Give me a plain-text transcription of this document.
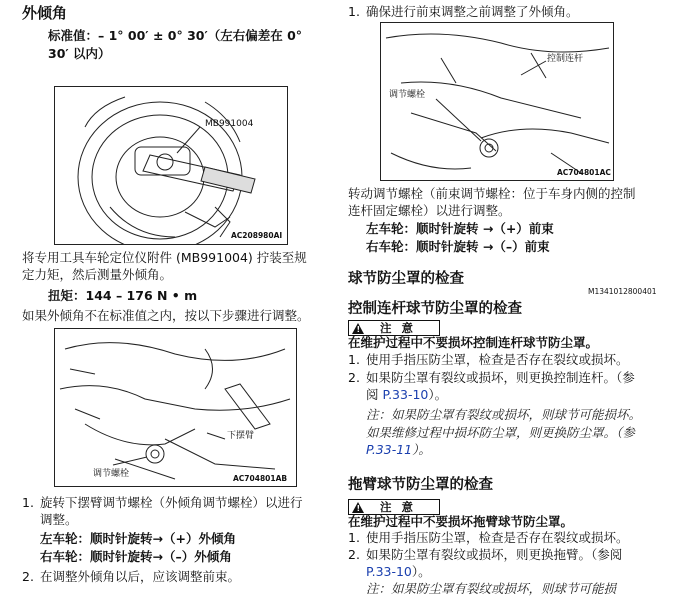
外倾角
标准值：– 1° 00′ ± 0° 30′（左右偏差在 0°
30′ 以内）
MB991004
AC208980AI
将专用工具车轮定位仪附件 (MB991004) 拧装至规
定力矩，然后测量外倾角。
扭矩：144 – 176 N • m
如果外倾角不在标准值之内，按以下步骤进行调整。
下摆臂
调节螺栓	AC704801AB
1. 旋转下摆臂调节螺栓（外倾角调节螺栓）以进行
调整。
左车轮：顺时针旋转→（+）外倾角
右车轮：顺时针旋转→（–）外倾角
2. 在调整外倾角以后，应该调整前束。
1. 确保进行前束调整之前调整了外倾角。
控制连杆
调节螺栓
AC704801AC
转动调节螺栓（前束调节螺栓：位于车身内侧的控制
连杆固定螺栓）以进行调整。
左车轮：顺时针旋转 →（+）前束
右车轮：顺时针旋转 →（–）前束
球节防尘罩的检查
M1341012800401
控制连杆球节防尘罩的检查
! 注 意
在维护过程中不要损坏控制连杆球节防尘罩。
1. 使用手指压防尘罩，检查是否存在裂纹或损坏。
2. 如果防尘罩有裂纹或损坏，则更换控制连杆。（参
阅 P.33-10）。
注：如果防尘罩有裂纹或损坏，则球节可能损坏。
如果维修过程中损坏防尘罩，则更换防尘罩。（参
P.33-11）。
拖臂球节防尘罩的检查
! 注 意
在维护过程中不要损坏拖臂球节防尘罩。
1. 使用手指压防尘罩，检查是否存在裂纹或损坏。
2. 如果防尘罩有裂纹或损坏，则更换拖臂。（参阅
P.33-10）。
注：如果防尘罩有裂纹或损坏，则球节可能损
